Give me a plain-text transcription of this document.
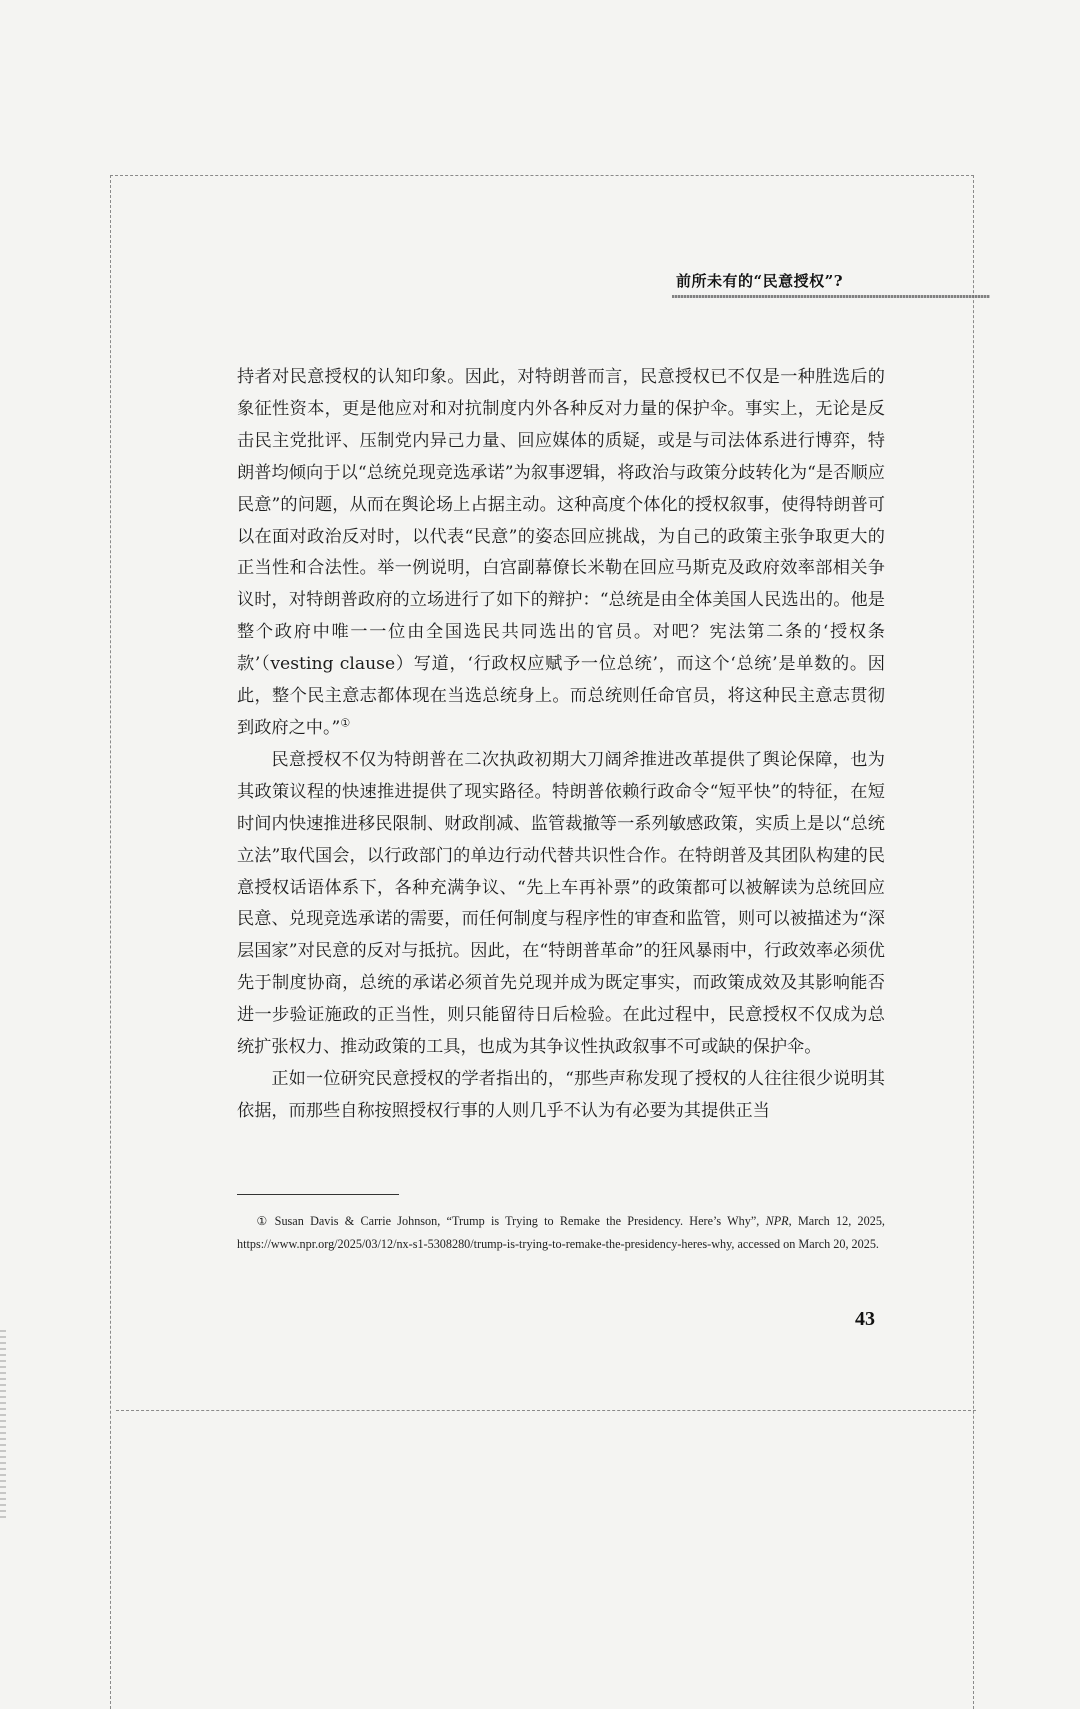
前所未有的“民意授权”?

持者对民意授权的认知印象。因此，对特朗普而言，民意授权已不仅是一种胜选后的象征性资本，更是他应对和对抗制度内外各种反对力量的保护伞。事实上，无论是反击民主党批评、压制党内异己力量、回应媒体的质疑，或是与司法体系进行博弈，特朗普均倾向于以“总统兑现竞选承诺”为叙事逻辑，将政治与政策分歧转化为“是否顺应民意”的问题，从而在舆论场上占据主动。这种高度个体化的授权叙事，使得特朗普可以在面对政治反对时，以代表“民意”的姿态回应挑战，为自己的政策主张争取更大的正当性和合法性。举一例说明，白宫副幕僚长米勒在回应马斯克及政府效率部相关争议时，对特朗普政府的立场进行了如下的辩护：“总统是由全体美国人民选出的。他是整个政府中唯一一位由全国选民共同选出的官员。对吧？宪法第二条的‘授权条款’（vesting clause）写道，‘行政权应赋予一位总统’，而这个‘总统’是单数的。因此，整个民主意志都体现在当选总统身上。而总统则任命官员，将这种民主意志贯彻到政府之中。”①

民意授权不仅为特朗普在二次执政初期大刀阔斧推进改革提供了舆论保障，也为其政策议程的快速推进提供了现实路径。特朗普依赖行政命令“短平快”的特征，在短时间内快速推进移民限制、财政削减、监管裁撤等一系列敏感政策，实质上是以“总统立法”取代国会，以行政部门的单边行动代替共识性合作。在特朗普及其团队构建的民意授权话语体系下，各种充满争议、“先上车再补票”的政策都可以被解读为总统回应民意、兑现竞选承诺的需要，而任何制度与程序性的审查和监管，则可以被描述为“深层国家”对民意的反对与抵抗。因此，在“特朗普革命”的狂风暴雨中，行政效率必须优先于制度协商，总统的承诺必须首先兑现并成为既定事实，而政策成效及其影响能否进一步验证施政的正当性，则只能留待日后检验。在此过程中，民意授权不仅成为总统扩张权力、推动政策的工具，也成为其争议性执政叙事不可或缺的保护伞。

正如一位研究民意授权的学者指出的，“那些声称发现了授权的人往往很少说明其依据，而那些自称按照授权行事的人则几乎不认为有必要为其提供正当

① Susan Davis & Carrie Johnson, “Trump is Trying to Remake the Presidency. Here’s Why”, NPR, March 12, 2025, https://www.npr.org/2025/03/12/nx-s1-5308280/trump-is-trying-to-remake-the-presidency-heres-why, accessed on March 20, 2025.
43
